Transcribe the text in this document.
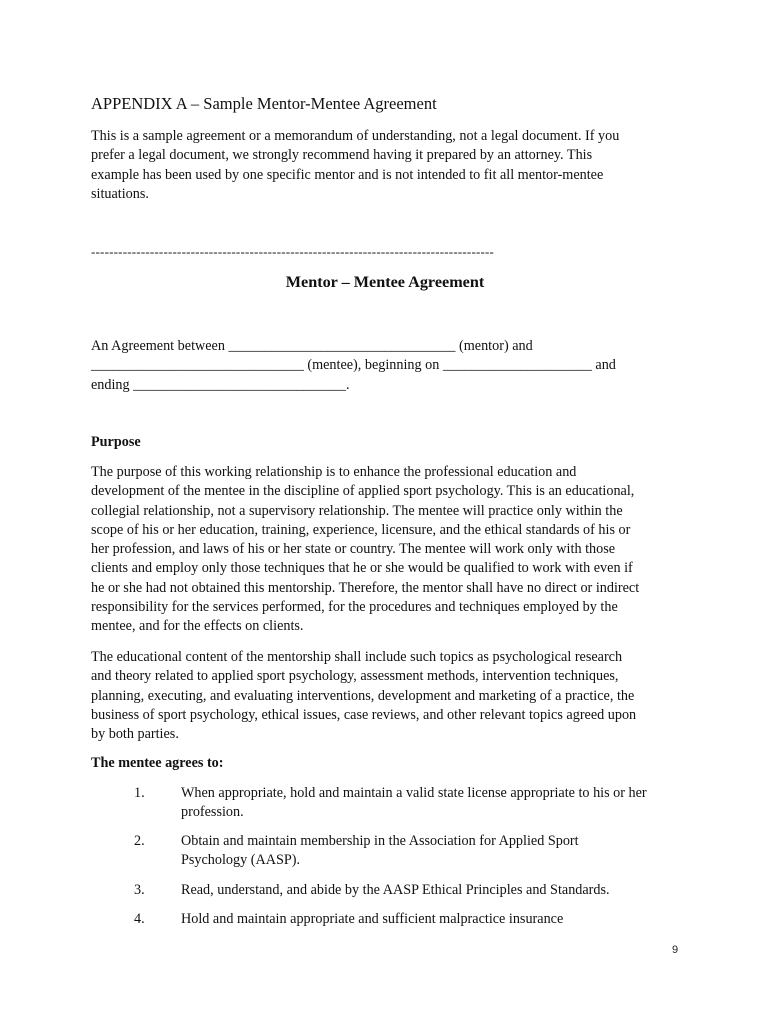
APPENDIX A – Sample Mentor-Mentee Agreement

This is a sample agreement or a memorandum of understanding, not a legal document. If you
prefer a legal document, we strongly recommend having it prepared by an attorney. This
example has been used by one specific mentor and is not intended to fit all mentor-mentee
situations.

-----------------------------------------------------------------------------------------
Mentor – Mentee Agreement

An Agreement between ________________________________ (mentor) and
______________________________ (mentee), beginning on _____________________ and
ending ______________________________.

Purpose

The purpose of this working relationship is to enhance the professional education and
development of the mentee in the discipline of applied sport psychology. This is an educational,
collegial relationship, not a supervisory relationship. The mentee will practice only within the
scope of his or her education, training, experience, licensure, and the ethical standards of his or
her profession, and laws of his or her state or country. The mentee will work only with those
clients and employ only those techniques that he or she would be qualified to work with even if
he or she had not obtained this mentorship. Therefore, the mentor shall have no direct or indirect
responsibility for the services performed, for the procedures and techniques employed by the
mentee, and for the effects on clients.

The educational content of the mentorship shall include such topics as psychological research
and theory related to applied sport psychology, assessment methods, intervention techniques,
planning, executing, and evaluating interventions, development and marketing of a practice, the
business of sport psychology, ethical issues, case reviews, and other relevant topics agreed upon
by both parties.

The mentee agrees to:
1.	When appropriate, hold and maintain a valid state license appropriate to his or her
profession.
2.	Obtain and maintain membership in the Association for Applied Sport
Psychology (AASP).
3.	Read, understand, and abide by the AASP Ethical Principles and Standards.
4.	Hold and maintain appropriate and sufficient malpractice insurance
9
